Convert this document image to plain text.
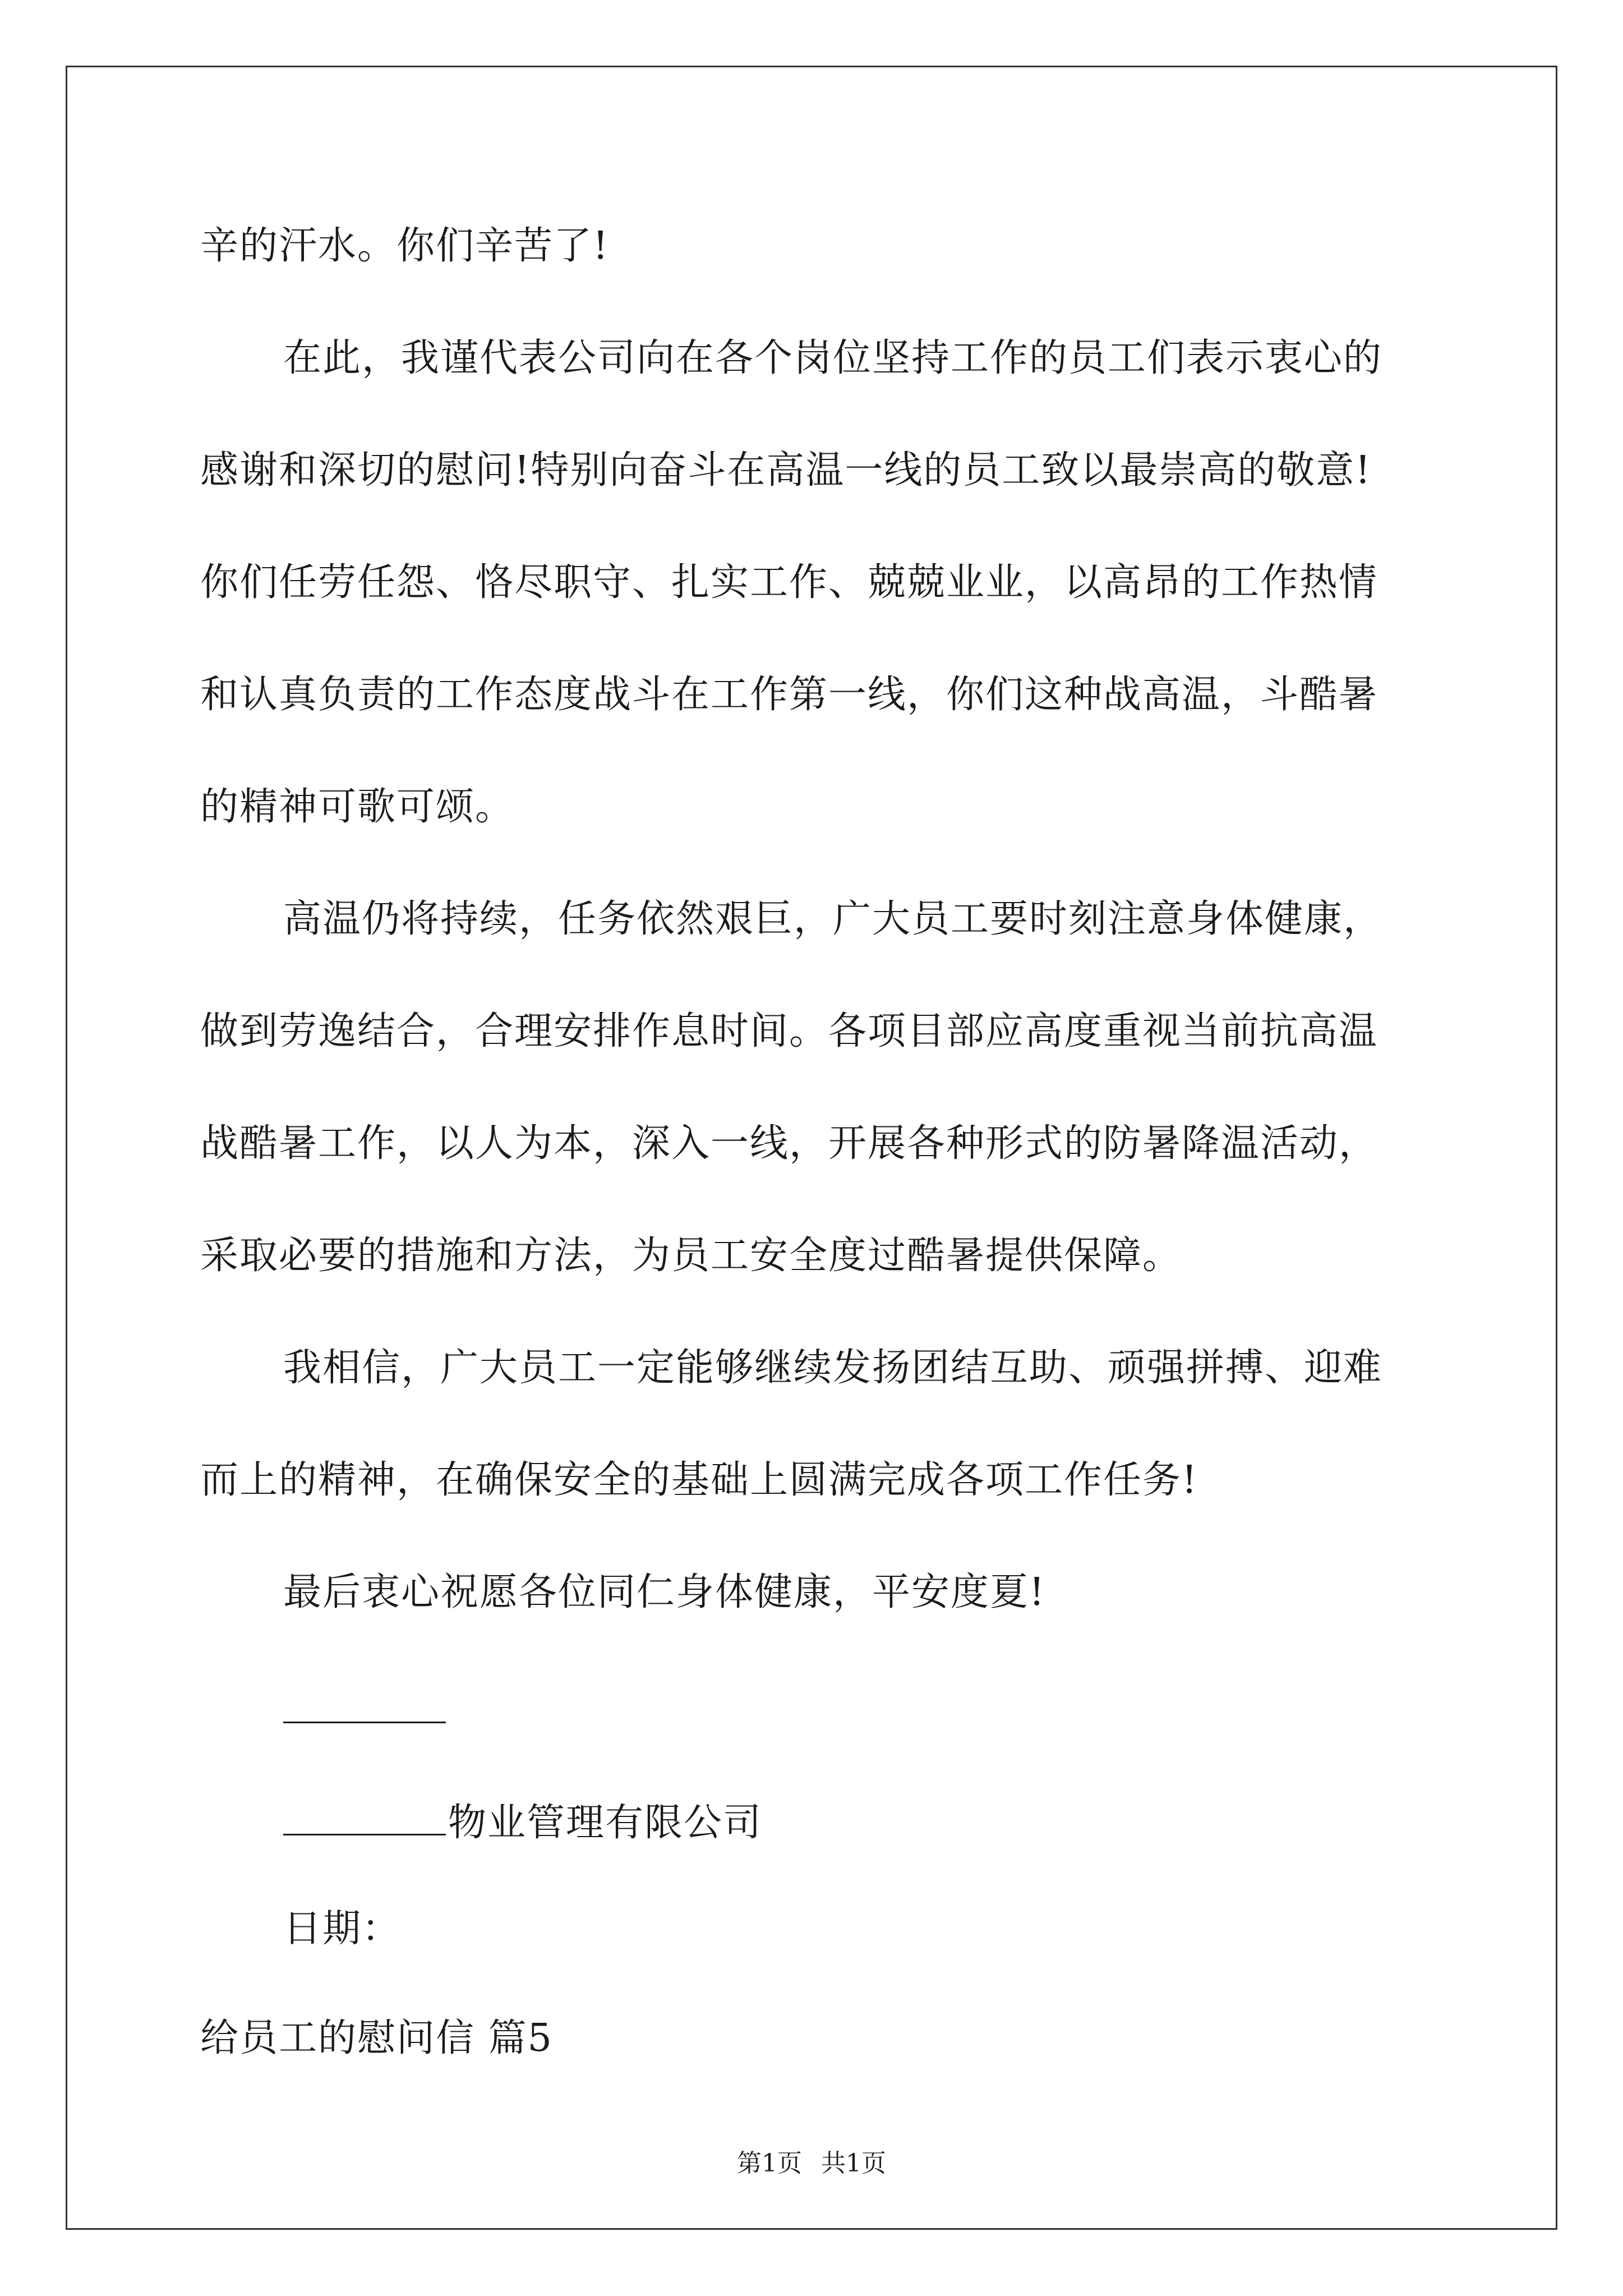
辛的汗水。你们辛苦了!
在此，我谨代表公司向在各个岗位坚持工作的员工们表示衷心的
感谢和深切的慰问!特别向奋斗在高温一线的员工致以最崇高的敬意!
你们任劳任怨、恪尽职守、扎实工作、兢兢业业，以高昂的工作热情
和认真负责的工作态度战斗在工作第一线，你们这种战高温，斗酷暑
的精神可歌可颂。
高温仍将持续，任务依然艰巨，广大员工要时刻注意身体健康，
做到劳逸结合，合理安排作息时间。各项目部应高度重视当前抗高温
战酷暑工作，以人为本，深入一线，开展各种形式的防暑降温活动，
采取必要的措施和方法，为员工安全度过酷暑提供保障。
我相信，广大员工一定能够继续发扬团结互助、顽强拼搏、迎难
而上的精神，在确保安全的基础上圆满完成各项工作任务!
最后衷心祝愿各位同仁身体健康，平安度夏!
物业管理有限公司
日期：
给员工的慰问信 篇5
第1页 共1页
